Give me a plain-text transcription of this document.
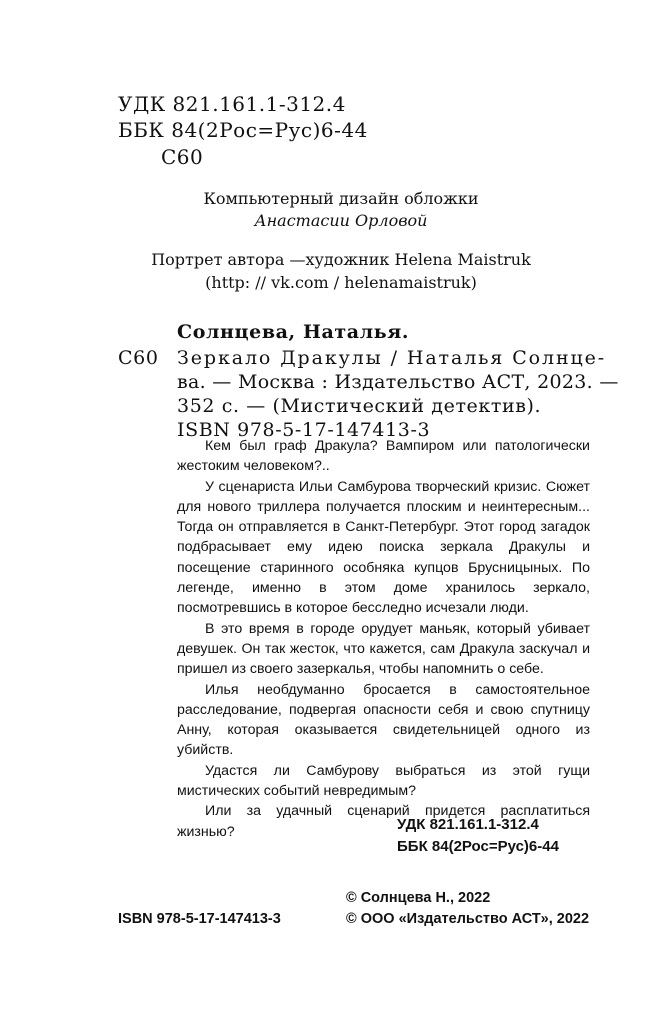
УДК 821.161.1-312.4
ББК 84(2Рос=Рус)6-44
С60
Компьютерный дизайн обложки
Анастасии Орловой
Портрет автора —художник Helena Maistruk
(http: // vk.com / helenamaistruk)
Солнцева, Наталья.
С60 Зеркало Дракулы / Наталья Солнце-
ва. — Москва : Издательство АСТ, 2023. —
352 с. — (Мистический детектив).
ISBN 978-5-17-147413-3

Кем был граф Дракула? Вампиром или патологически жестоким человеком?..

У сценариста Ильи Самбурова творческий кризис. Сюжет для нового триллера получается плоским и неинтересным... Тогда он отправляется в Санкт-Петербург. Этот город загадок подбрасывает ему идею поиска зеркала Дракулы и посещение старинного особняка купцов Брусницыных. По легенде, именно в этом доме хранилось зеркало, посмотревшись в которое бесследно исчезали люди.

В это время в городе орудует маньяк, который убивает девушек. Он так жесток, что кажется, сам Дракула заскучал и пришел из своего зазеркалья, чтобы напомнить о себе.

Илья необдуманно бросается в самостоятельное расследование, подвергая опасности себя и свою спутницу Анну, которая оказывается свидетельницей одного из убийств.

Удастся ли Самбурову выбраться из этой гущи мистических событий невредимым?

Или за удачный сценарий придется расплатиться жизнью?	УДК 821.161.1-312.4
ББК 84(2Рос=Рус)6-44
© Солнцева Н., 2022
ISBN 978-5-17-147413-3	© ООО «Издательство АСТ», 2022
